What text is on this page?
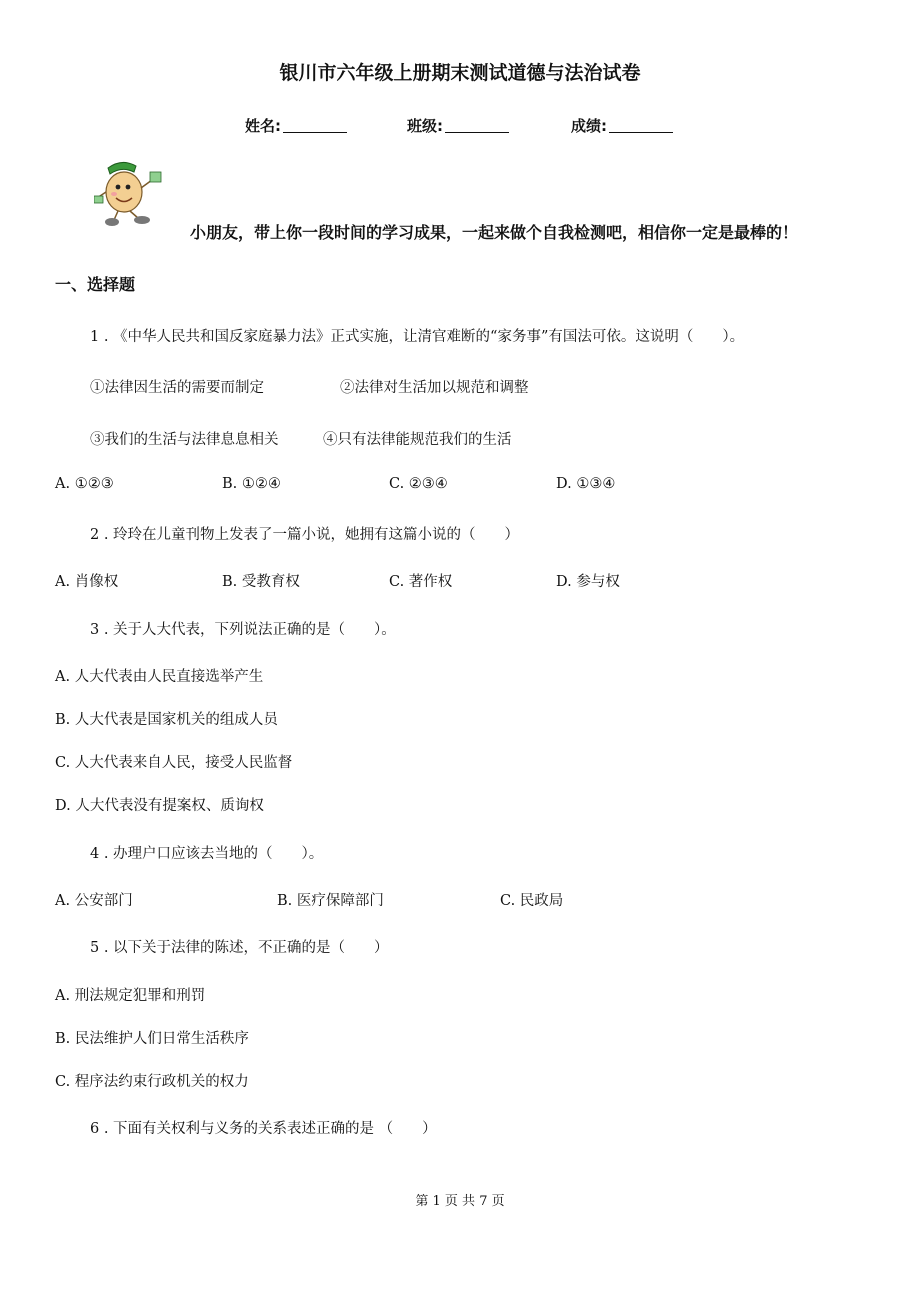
银川市六年级上册期末测试道德与法治试卷
姓名:	班级:	成绩:
小朋友，带上你一段时间的学习成果，一起来做个自我检测吧，相信你一定是最棒的！
一、选择题
1 . 《中华人民共和国反家庭暴力法》正式实施，让清官难断的“家务事”有国法可依。这说明（　　）。
①法律因生活的需要而制定	②法律对生活加以规范和调整
③我们的生活与法律息息相关	④只有法律能规范我们的生活
A. ①②③	B. ①②④	C. ②③④	D. ①③④
2 . 玲玲在儿童刊物上发表了一篇小说，她拥有这篇小说的（　　）
A. 肖像权	B. 受教育权	C. 著作权	D. 参与权
3 . 关于人大代表，下列说法正确的是（　　）。
A. 人大代表由人民直接选举产生
B. 人大代表是国家机关的组成人员
C. 人大代表来自人民，接受人民监督
D. 人大代表没有提案权、质询权
4 . 办理户口应该去当地的（　　）。
A. 公安部门	B. 医疗保障部门	C. 民政局
5 . 以下关于法律的陈述，不正确的是（　　）
A. 刑法规定犯罪和刑罚
B. 民法维护人们日常生活秩序
C. 程序法约束行政机关的权力
6 . 下面有关权利与义务的关系表述正确的是 （　　）
第 1 页 共 7 页
